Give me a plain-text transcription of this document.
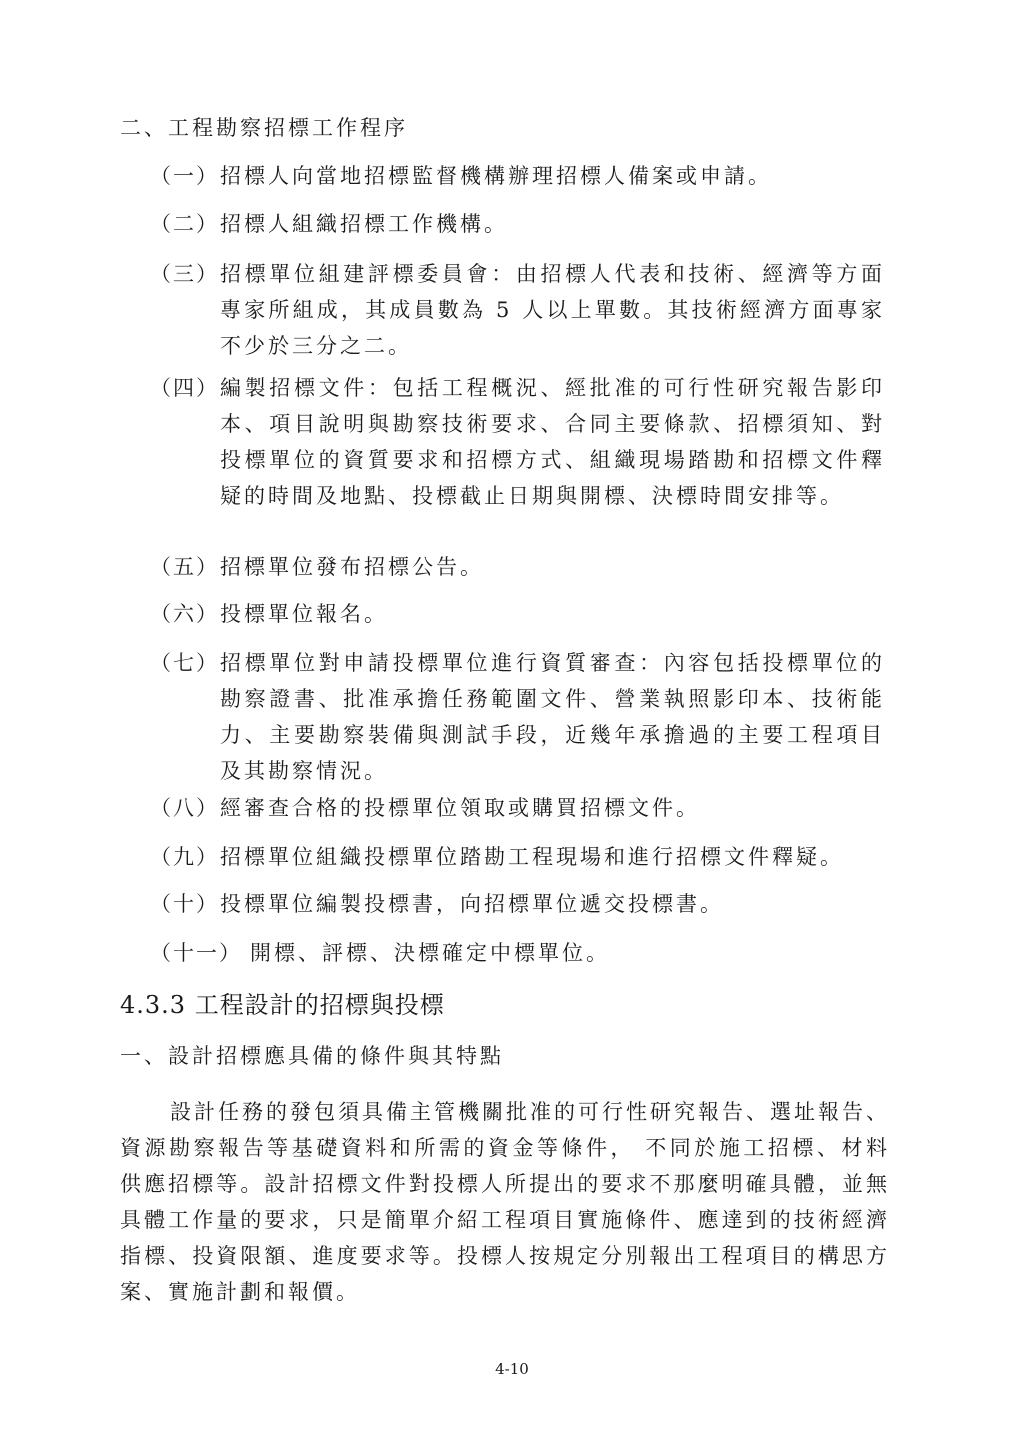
二、工程勘察招標工作程序
（一） 招標人向當地招標監督機構辦理招標人備案或申請。
（二） 招標人組織招標工作機構。
（三） 招標單位組建評標委員會：由招標人代表和技術、經濟等方面專家所組成，其成員數為 5 人以上單數。其技術經濟方面專家不少於三分之二。
（四） 編製招標文件：包括工程概況、經批准的可行性研究報告影印本、項目說明與勘察技術要求、合同主要條款、招標須知、對投標單位的資質要求和招標方式、組織現場踏勘和招標文件釋疑的時間及地點、投標截止日期與開標、決標時間安排等。
（五） 招標單位發布招標公告。
（六） 投標單位報名。
（七） 招標單位對申請投標單位進行資質審查：內容包括投標單位的勘察證書、批准承擔任務範圍文件、營業執照影印本、技術能力、主要勘察裝備與測試手段，近幾年承擔過的主要工程項目及其勘察情況。
（八） 經審查合格的投標單位領取或購買招標文件。
（九） 招標單位組織投標單位踏勘工程現場和進行招標文件釋疑。
（十） 投標單位編製投標書，向招標單位遞交投標書。
（十一） 開標、評標、決標確定中標單位。
4.3.3 工程設計的招標與投標
一、設計招標應具備的條件與其特點
設計任務的發包須具備主管機關批准的可行性研究報告、選址報告、資源勘察報告等基礎資料和所需的資金等條件， 不同於施工招標、材料供應招標等。設計招標文件對投標人所提出的要求不那麼明確具體，並無具體工作量的要求，只是簡單介紹工程項目實施條件、應達到的技術經濟指標、投資限額、進度要求等。投標人按規定分別報出工程項目的構思方案、實施計劃和報價。
4-10
